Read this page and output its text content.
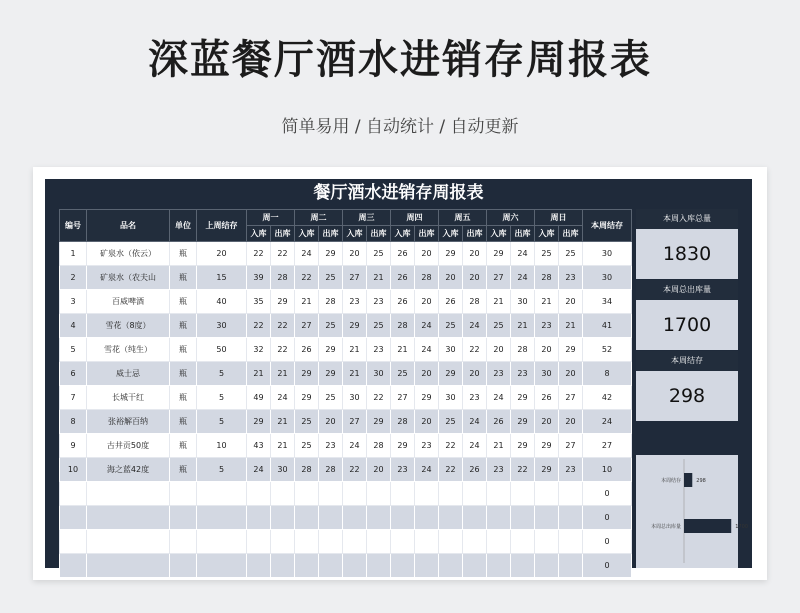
深蓝餐厅酒水进销存周报表
简单易用 / 自动统计 / 自动更新
餐厅酒水进销存周报表
编号	品名	单位	上周结存	周一		周二		周三		周四		周五		周六		周日		本周结存
				入库	出库	入库	出库	入库	出库	入库	出库	入库	出库	入库	出库	入库	出库	
1	矿泉水（依云）	瓶	20	22	22	24	29	20	25	26	20	29	20	29	24	25	25	30
2	矿泉水（农夫山	瓶	15	39	28	22	25	27	21	26	28	20	20	27	24	28	23	30
3	百威啤酒	瓶	40	35	29	21	28	23	23	26	20	26	28	21	30	21	20	34
4	雪花（8度）	瓶	30	22	22	27	25	29	25	28	24	25	24	25	21	23	21	41
5	雪花（纯生）	瓶	50	32	22	26	29	21	23	21	24	30	22	20	28	20	29	52
6	威士忌	瓶	5	21	21	29	29	21	30	25	20	29	20	23	23	30	20	8
7	长城干红	瓶	5	49	24	29	25	30	22	27	29	30	23	24	29	26	27	42
8	张裕解百纳	瓶	5	29	21	25	20	27	29	28	20	25	24	26	29	20	20	24
9	古井贡50度	瓶	10	43	21	25	23	24	28	29	23	22	24	21	29	29	27	27
10	海之蓝42度	瓶	5	24	30	28	28	22	20	23	24	22	26	23	22	29	23	10
																		0
																		0
																		0
																		0
本周入库总量
1830
本周总出库量
1700
本周结存
298
本周结存	298
本周总出库量	1700
